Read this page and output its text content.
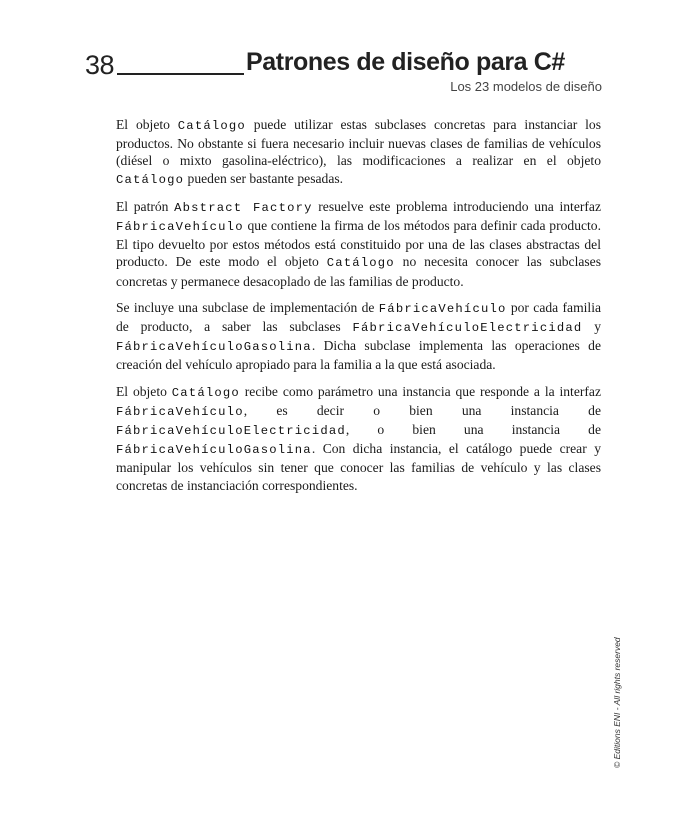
38	Patrones de diseño para C#
Los 23 modelos de diseño

El objeto Catálogo puede utilizar estas subclases concretas para instanciar los productos. No obstante si fuera necesario incluir nuevas clases de familias de vehículos (diésel o mixto gasolina-eléctrico), las modificaciones a realizar en el objeto Catálogo pueden ser bastante pesadas.

El patrón Abstract Factory resuelve este problema introduciendo una interfaz FábricaVehículo que contiene la firma de los métodos para definir cada producto. El tipo devuelto por estos métodos está constituido por una de las clases abstractas del producto. De este modo el objeto Catálogo no necesita conocer las subclases concretas y permanece desacoplado de las familias de producto.

Se incluye una subclase de implementación de FábricaVehículo por cada familia de producto, a saber las subclases FábricaVehículoElectricidad y FábricaVehículoGasolina. Dicha subclase implementa las operaciones de creación del vehículo apropiado para la familia a la que está asociada.

El objeto Catálogo recibe como parámetro una instancia que responde a la interfaz FábricaVehículo, es decir o bien una instancia de FábricaVehículoElectricidad, o bien una instancia de FábricaVehículoGasolina. Con dicha instancia, el catálogo puede crear y manipular los vehículos sin tener que conocer las familias de vehículo y las clases concretas de instanciación correspondientes.

© Editions ENI - All rights reserved
